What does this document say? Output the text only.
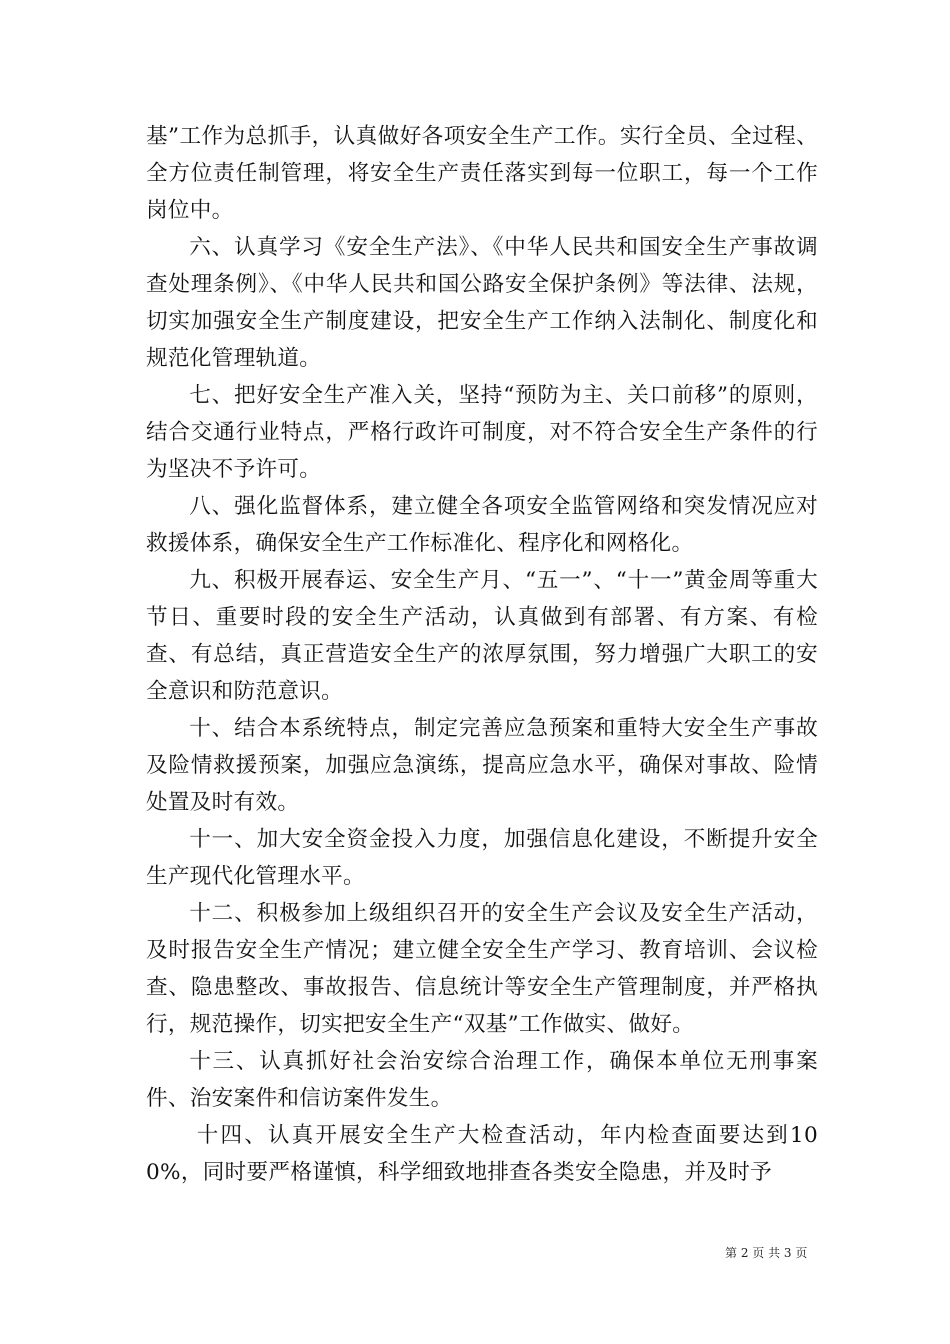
基”工作为总抓手，认真做好各项安全生产工作。实行全员、全过程、全方位责任制管理，将安全生产责任落实到每一位职工，每一个工作岗位中。

六、认真学习《安全生产法》、《中华人民共和国安全生产事故调查处理条例》、《中华人民共和国公路安全保护条例》等法律、法规，切实加强安全生产制度建设，把安全生产工作纳入法制化、制度化和规范化管理轨道。

七、把好安全生产准入关，坚持“预防为主、关口前移”的原则，结合交通行业特点，严格行政许可制度，对不符合安全生产条件的行为坚决不予许可。

八、强化监督体系，建立健全各项安全监管网络和突发情况应对救援体系，确保安全生产工作标准化、程序化和网格化。

九、积极开展春运、安全生产月、“五一”、“十一”黄金周等重大节日、重要时段的安全生产活动，认真做到有部署、有方案、有检查、有总结，真正营造安全生产的浓厚氛围，努力增强广大职工的安全意识和防范意识。

十、结合本系统特点，制定完善应急预案和重特大安全生产事故及险情救援预案，加强应急演练，提高应急水平，确保对事故、险情处置及时有效。

十一、加大安全资金投入力度，加强信息化建设，不断提升安全生产现代化管理水平。

十二、积极参加上级组织召开的安全生产会议及安全生产活动，及时报告安全生产情况；建立健全安全生产学习、教育培训、会议检查、隐患整改、事故报告、信息统计等安全生产管理制度，并严格执行，规范操作，切实把安全生产“双基”工作做实、做好。

十三、认真抓好社会治安综合治理工作，确保本单位无刑事案件、治安案件和信访案件发生。

十四、认真开展安全生产大检查活动，年内检查面要达到100%，同时要严格谨慎，科学细致地排查各类安全隐患，并及时予

第 2 页 共 3 页
